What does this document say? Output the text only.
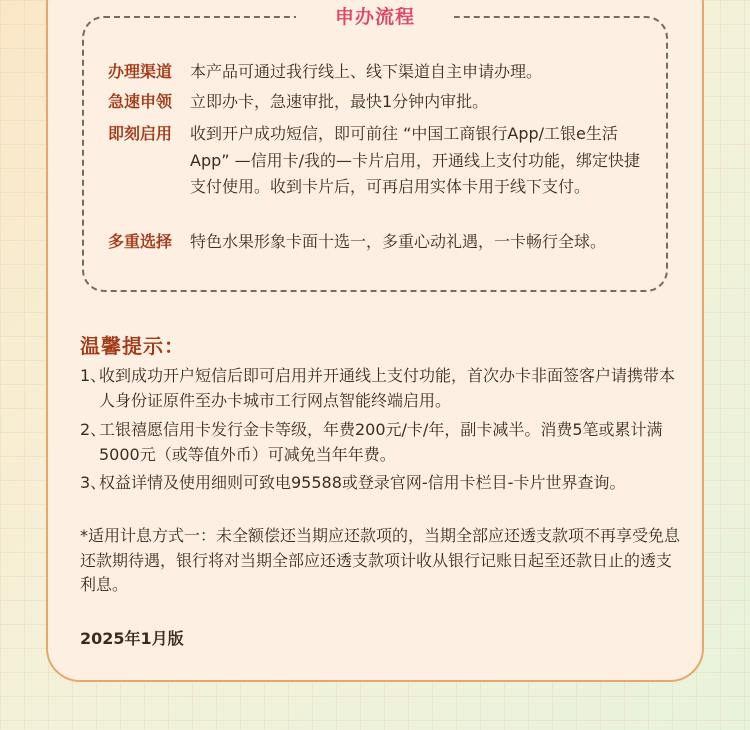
申办流程
办理渠道	本产品可通过我行线上、线下渠道自主申请办理。
急速申领	立即办卡，急速审批，最快1分钟内审批。
即刻启用	收到开户成功短信，即可前往 “中国工商银行App/工银e生活App” —信用卡/我的—卡片启用，开通线上支付功能，绑定快捷支付使用。收到卡片后，可再启用实体卡用于线下支付。
多重选择	特色水果形象卡面十选一，多重心动礼遇，一卡畅行全球。
温馨提示：
1、
收到成功开户短信后即可启用并开通线上支付功能，首次办卡非面签客户请携带本人身份证原件至办卡城市工行网点智能终端启用。
2、
工银禧愿信用卡发行金卡等级，年费200元/卡/年，副卡减半。消费5笔或累计满5000元（或等值外币）可减免当年年费。
3、
权益详情及使用细则可致电95588或登录官网-信用卡栏目-卡片世界查询。
*适用计息方式一：未全额偿还当期应还款项的，当期全部应还透支款项不再享受免息还款期待遇，银行将对当期全部应还透支款项计收从银行记账日起至还款日止的透支利息。
2025年1月版
